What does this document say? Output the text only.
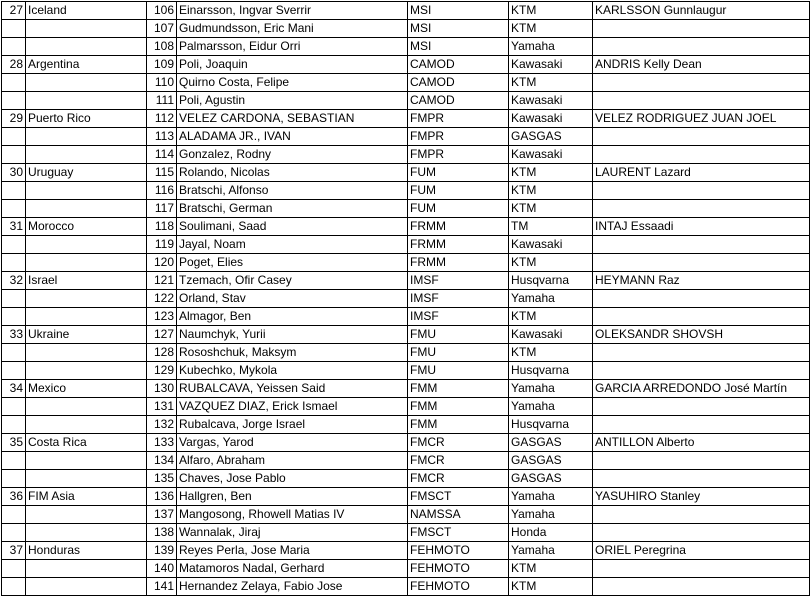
27	Iceland	106	Einarsson, Ingvar Sverrir	MSI	KTM	KARLSSON Gunnlaugur
		107	Gudmundsson, Eric Mani	MSI	KTM	
		108	Palmarsson, Eidur Orri	MSI	Yamaha	
28	Argentina	109	Poli, Joaquin	CAMOD	Kawasaki	ANDRIS Kelly Dean
		110	Quirno Costa, Felipe	CAMOD	KTM	
		111	Poli, Agustin	CAMOD	Kawasaki	
29	Puerto Rico	112	VELEZ CARDONA, SEBASTIAN	FMPR	Kawasaki	VELEZ RODRIGUEZ JUAN JOEL
		113	ALADAMA JR., IVAN	FMPR	GASGAS	
		114	Gonzalez, Rodny	FMPR	Kawasaki	
30	Uruguay	115	Rolando, Nicolas	FUM	KTM	LAURENT Lazard
		116	Bratschi, Alfonso	FUM	KTM	
		117	Bratschi, German	FUM	KTM	
31	Morocco	118	Soulimani, Saad	FRMM	TM	INTAJ Essaadi
		119	Jayal, Noam	FRMM	Kawasaki	
		120	Poget, Elies	FRMM	KTM	
32	Israel	121	Tzemach, Ofir Casey	IMSF	Husqvarna	HEYMANN Raz
		122	Orland, Stav	IMSF	Yamaha	
		123	Almagor, Ben	IMSF	KTM	
33	Ukraine	127	Naumchyk, Yurii	FMU	Kawasaki	OLEKSANDR SHOVSH
		128	Rososhchuk, Maksym	FMU	KTM	
		129	Kubechko, Mykola	FMU	Husqvarna	
34	Mexico	130	RUBALCAVA, Yeissen Said	FMM	Yamaha	GARCIA ARREDONDO José Martín
		131	VAZQUEZ DIAZ, Erick Ismael	FMM	Yamaha	
		132	Rubalcava, Jorge Israel	FMM	Husqvarna	
35	Costa Rica	133	Vargas, Yarod	FMCR	GASGAS	ANTILLON Alberto
		134	Alfaro, Abraham	FMCR	GASGAS	
		135	Chaves, Jose Pablo	FMCR	GASGAS	
36	FIM Asia	136	Hallgren, Ben	FMSCT	Yamaha	YASUHIRO Stanley
		137	Mangosong, Rhowell Matias IV	NAMSSA	Yamaha	
		138	Wannalak, Jiraj	FMSCT	Honda	
37	Honduras	139	Reyes Perla, Jose Maria	FEHMOTO	Yamaha	ORIEL Peregrina
		140	Matamoros Nadal, Gerhard	FEHMOTO	KTM	
		141	Hernandez Zelaya, Fabio Jose	FEHMOTO	KTM	
